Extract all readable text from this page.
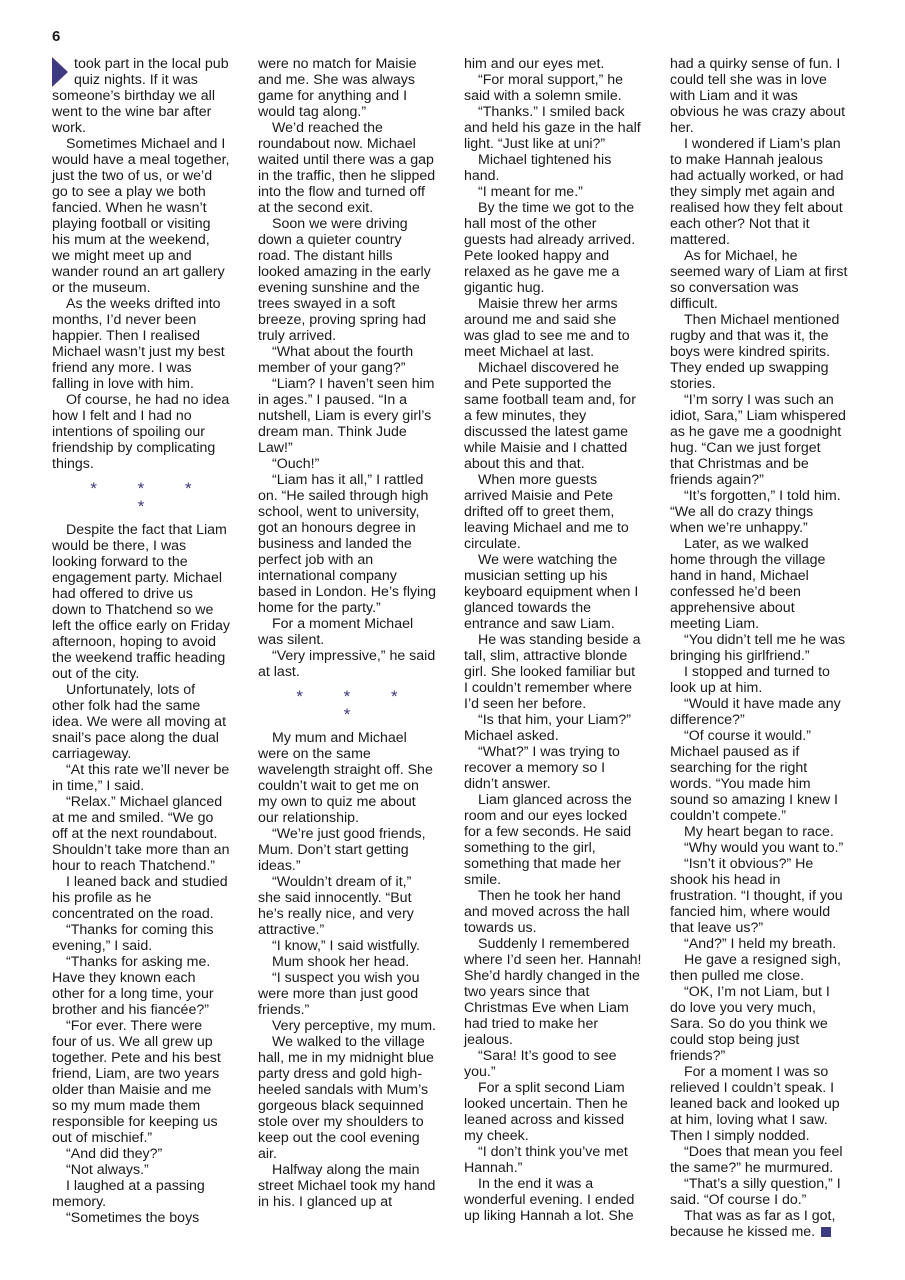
6

took part in the local pub quiz nights. If it was someone’s birthday we all went to the wine bar after work.

Sometimes Michael and I would have a meal together, just the two of us, or we’d go to see a play we both fancied. When he wasn’t playing football or visiting his mum at the weekend, we might meet up and wander round an art gallery or the museum.

As the weeks drifted into months, I’d never been happier. Then I realised Michael wasn’t just my best friend any more. I was falling in love with him.

Of course, he had no idea how I felt and I had no intentions of spoiling our friendship by complicating things.

* * * *

Despite the fact that Liam would be there, I was looking forward to the engagement party. Michael had offered to drive us down to Thatchend so we left the office early on Friday afternoon, hoping to avoid the weekend traffic heading out of the city.

Unfortunately, lots of other folk had the same idea. We were all moving at snail’s pace along the dual carriageway.

“At this rate we’ll never be in time,” I said.

“Relax.” Michael glanced at me and smiled. “We go off at the next roundabout. Shouldn’t take more than an hour to reach Thatchend.”

I leaned back and studied his profile as he concentrated on the road.

“Thanks for coming this evening,” I said.

“Thanks for asking me. Have they known each other for a long time, your brother and his fiancée?”

“For ever. There were four of us. We all grew up together. Pete and his best friend, Liam, are two years older than Maisie and me so my mum made them responsible for keeping us out of mischief.”

“And did they?”

“Not always.”

I laughed at a passing memory.

“Sometimes the boys

were no match for Maisie and me. She was always game for anything and I would tag along.”

We’d reached the roundabout now. Michael waited until there was a gap in the traffic, then he slipped into the flow and turned off at the second exit.

Soon we were driving down a quieter country road. The distant hills looked amazing in the early evening sunshine and the trees swayed in a soft breeze, proving spring had truly arrived.

“What about the fourth member of your gang?”

“Liam? I haven’t seen him in ages.” I paused. “In a nutshell, Liam is every girl’s dream man. Think Jude Law!”

“Ouch!”

“Liam has it all,” I rattled on. “He sailed through high school, went to university, got an honours degree in business and landed the perfect job with an international company based in London. He’s flying home for the party.”

For a moment Michael was silent.

“Very impressive,” he said at last.

* * * *

My mum and Michael were on the same wavelength straight off. She couldn’t wait to get me on my own to quiz me about our relationship.

“We’re just good friends, Mum. Don’t start getting ideas.”

“Wouldn’t dream of it,” she said innocently. “But he’s really nice, and very attractive.”

“I know,” I said wistfully.

Mum shook her head.

“I suspect you wish you were more than just good friends.”

Very perceptive, my mum.

We walked to the village hall, me in my midnight blue party dress and gold high-heeled sandals with Mum’s gorgeous black sequinned stole over my shoulders to keep out the cool evening air.

Halfway along the main street Michael took my hand in his. I glanced up at

him and our eyes met.

“For moral support,” he said with a solemn smile.

“Thanks.” I smiled back and held his gaze in the half light. “Just like at uni?”

Michael tightened his hand.

“I meant for me.”

By the time we got to the hall most of the other guests had already arrived. Pete looked happy and relaxed as he gave me a gigantic hug.

Maisie threw her arms around me and said she was glad to see me and to meet Michael at last.

Michael discovered he and Pete supported the same football team and, for a few minutes, they discussed the latest game while Maisie and I chatted about this and that.

When more guests arrived Maisie and Pete drifted off to greet them, leaving Michael and me to circulate.

We were watching the musician setting up his keyboard equipment when I glanced towards the entrance and saw Liam.

He was standing beside a tall, slim, attractive blonde girl. She looked familiar but I couldn’t remember where I’d seen her before.

“Is that him, your Liam?” Michael asked.

“What?” I was trying to recover a memory so I didn’t answer.

Liam glanced across the room and our eyes locked for a few seconds. He said something to the girl, something that made her smile.

Then he took her hand and moved across the hall towards us.

Suddenly I remembered where I’d seen her. Hannah! She’d hardly changed in the two years since that Christmas Eve when Liam had tried to make her jealous.

“Sara! It’s good to see you.”

For a split second Liam looked uncertain. Then he leaned across and kissed my cheek.

“I don’t think you’ve met Hannah.”

In the end it was a wonderful evening. I ended up liking Hannah a lot. She

had a quirky sense of fun. I could tell she was in love with Liam and it was obvious he was crazy about her.

I wondered if Liam’s plan to make Hannah jealous had actually worked, or had they simply met again and realised how they felt about each other? Not that it mattered.

As for Michael, he seemed wary of Liam at first so conversation was difficult.

Then Michael mentioned rugby and that was it, the boys were kindred spirits. They ended up swapping stories.

“I’m sorry I was such an idiot, Sara,” Liam whispered as he gave me a goodnight hug. “Can we just forget that Christmas and be friends again?”

“It’s forgotten,” I told him. “We all do crazy things when we’re unhappy.”

Later, as we walked home through the village hand in hand, Michael confessed he’d been apprehensive about meeting Liam.

“You didn’t tell me he was bringing his girlfriend.”

I stopped and turned to look up at him.

“Would it have made any difference?”

“Of course it would.” Michael paused as if searching for the right words. “You made him sound so amazing I knew I couldn’t compete.”

My heart began to race.

“Why would you want to.”

“Isn’t it obvious?” He shook his head in frustration. “I thought, if you fancied him, where would that leave us?”

“And?” I held my breath.

He gave a resigned sigh, then pulled me close.

“OK, I’m not Liam, but I do love you very much, Sara. So do you think we could stop being just friends?”

For a moment I was so relieved I couldn’t speak. I leaned back and looked up at him, loving what I saw. Then I simply nodded.

“Does that mean you feel the same?” he murmured.

“That’s a silly question,” I said. “Of course I do.”

That was as far as I got, because he kissed me.
